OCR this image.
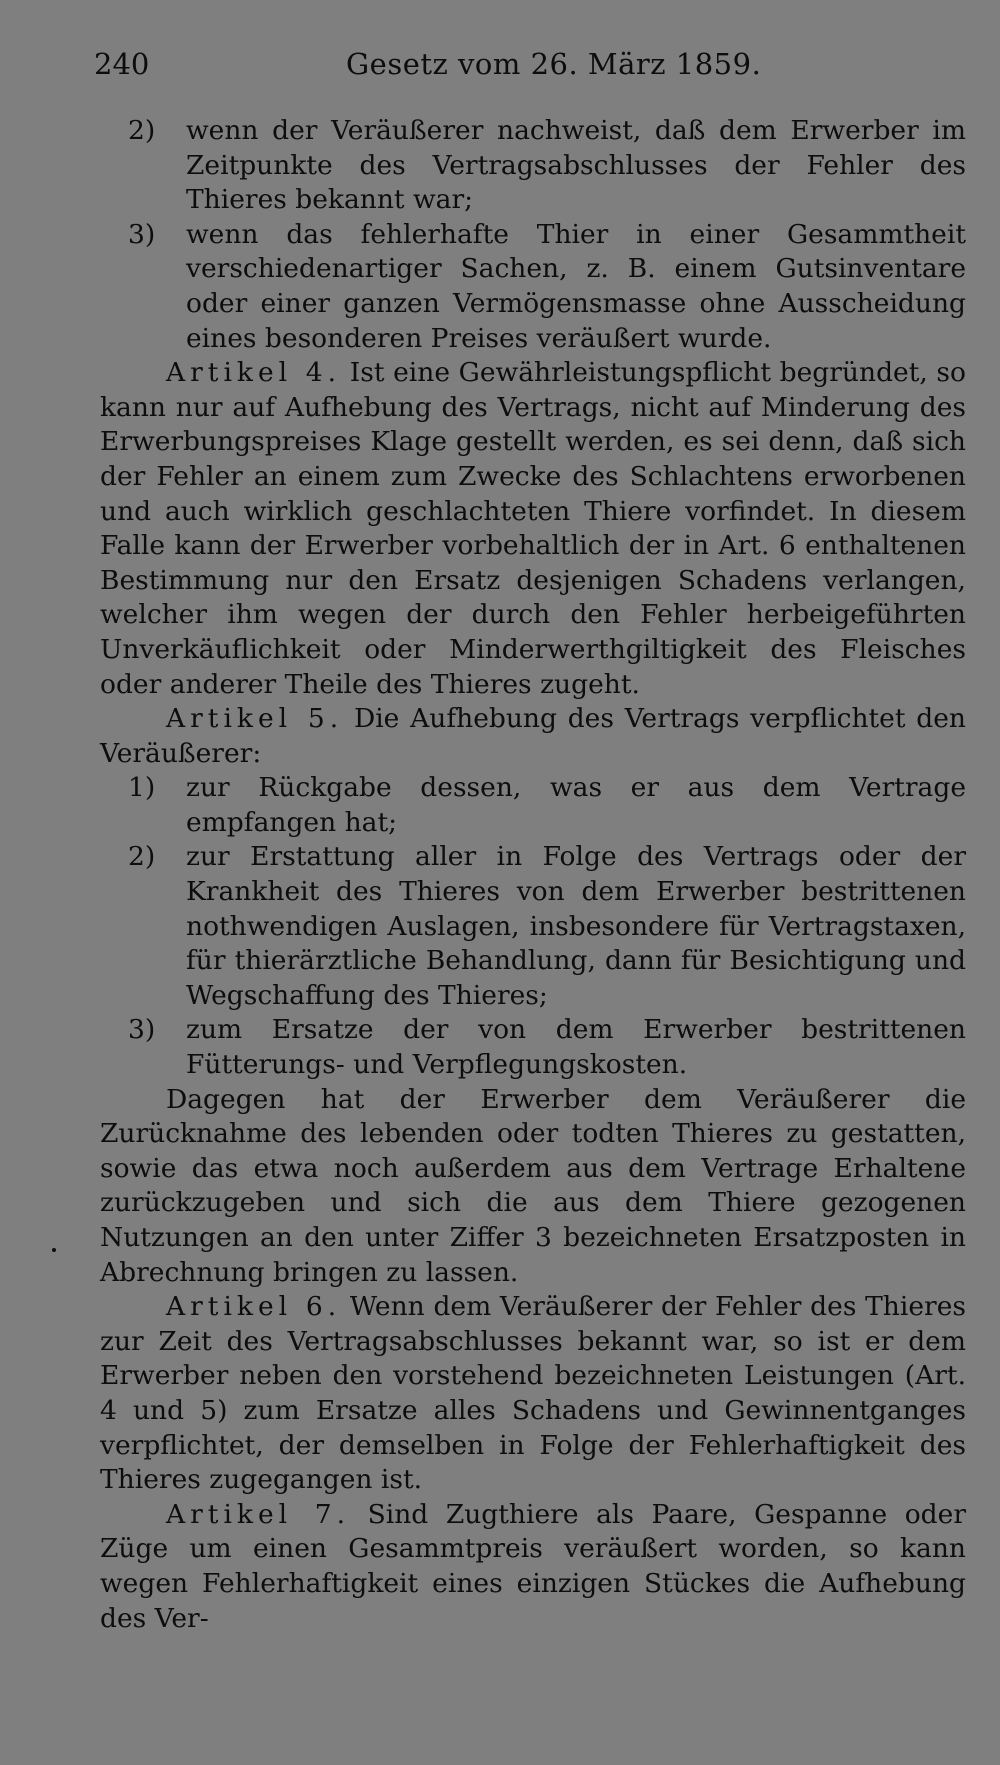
240	Gesetz vom 26. März 1859.

2) wenn der Veräußerer nachweist, daß dem Erwerber im Zeitpunkte des Vertragsabschlusses der Fehler des Thieres bekannt war;

3) wenn das fehlerhafte Thier in einer Gesammtheit verschiedenartiger Sachen, z. B. einem Gutsinventare oder einer ganzen Vermögensmasse ohne Ausscheidung eines besonderen Preises veräußert wurde.

Artikel 4. Ist eine Gewährleistungspflicht begründet, so kann nur auf Aufhebung des Vertrags, nicht auf Minderung des Erwerbungspreises Klage gestellt werden, es sei denn, daß sich der Fehler an einem zum Zwecke des Schlachtens erworbenen und auch wirklich geschlachteten Thiere vorfindet. In diesem Falle kann der Erwerber vorbehaltlich der in Art. 6 enthaltenen Bestimmung nur den Ersatz desjenigen Schadens verlangen, welcher ihm wegen der durch den Fehler herbeigeführten Unverkäuflichkeit oder Minderwerthgiltigkeit des Fleisches oder anderer Theile des Thieres zugeht.

Artikel 5. Die Aufhebung des Vertrags verpflichtet den Veräußerer:

1) zur Rückgabe dessen, was er aus dem Vertrage empfangen hat;

2) zur Erstattung aller in Folge des Vertrags oder der Krankheit des Thieres von dem Erwerber bestrittenen nothwendigen Auslagen, insbesondere für Vertragstaxen, für thierärztliche Behandlung, dann für Besichtigung und Wegschaffung des Thieres;

3) zum Ersatze der von dem Erwerber bestrittenen Fütterungs- und Verpflegungskosten.

Dagegen hat der Erwerber dem Veräußerer die Zurücknahme des lebenden oder todten Thieres zu gestatten, sowie das etwa noch außerdem aus dem Vertrage Erhaltene zurückzugeben und sich die aus dem Thiere gezogenen Nutzungen an den unter Ziffer 3 bezeichneten Ersatzposten in Abrechnung bringen zu lassen.

Artikel 6. Wenn dem Veräußerer der Fehler des Thieres zur Zeit des Vertragsabschlusses bekannt war, so ist er dem Erwerber neben den vorstehend bezeichneten Leistungen (Art. 4 und 5) zum Ersatze alles Schadens und Gewinnentganges verpflichtet, der demselben in Folge der Fehlerhaftigkeit des Thieres zugegangen ist.

Artikel 7. Sind Zugthiere als Paare, Gespanne oder Züge um einen Gesammtpreis veräußert worden, so kann wegen Fehlerhaftigkeit eines einzigen Stückes die Aufhebung des Ver-
